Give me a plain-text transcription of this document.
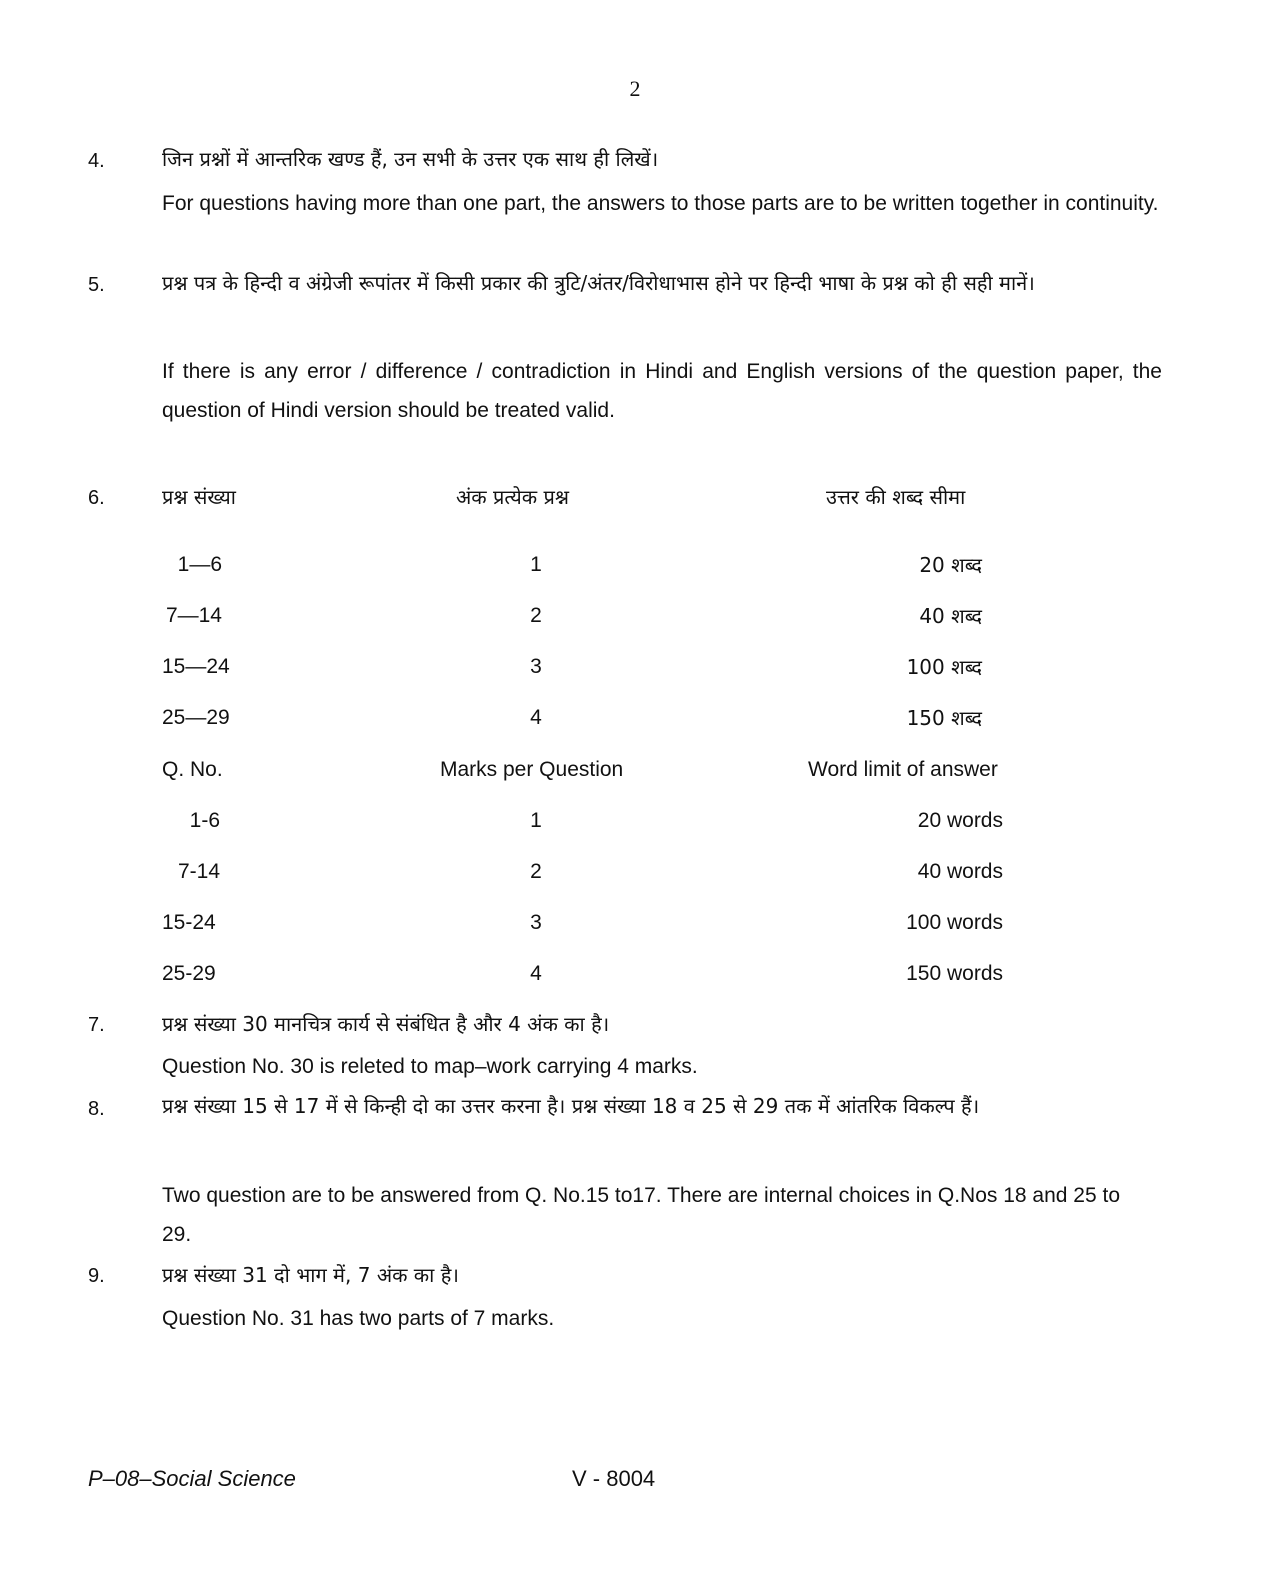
2
4.	जिन प्रश्नों में आन्तरिक खण्ड हैं, उन सभी के उत्तर एक साथ ही लिखें।
For questions having more than one part, the answers to those parts are to be written together in continuity.
5.	प्रश्न पत्र के हिन्दी व अंग्रेजी रूपांतर में किसी प्रकार की त्रुटि/अंतर/विरोधाभास होने पर हिन्दी भाषा के प्रश्न को ही सही मानें।
If there is any error / difference / contradiction in Hindi and English versions of the question paper, the question of Hindi version should be treated valid.
6.	प्रश्न संख्या	अंक प्रत्येक प्रश्न	उत्तर की शब्द सीमा
1—6	1	20 शब्द
7—14	2	40 शब्द
15—24	3	100 शब्द
25—29	4	150 शब्द
Q. No.	Marks per Question	Word limit of answer
1-6	1	20 words
7-14	2	40 words
15-24	3	100 words
25-29	4	150 words
7.	प्रश्न संख्या 30 मानचित्र कार्य से संबंधित है और 4 अंक का है।
Question No. 30 is releted to map–work carrying 4 marks.
8.	प्रश्न संख्या 15 से 17 में से किन्ही दो का उत्तर करना है। प्रश्न संख्या 18 व 25 से 29 तक में आंतरिक विकल्प हैं।
Two question are to be answered from Q. No.15 to17. There are internal choices in Q.Nos 18 and 25 to 29.
9.	प्रश्न संख्या 31 दो भाग में, 7 अंक का है।
Question No. 31 has two parts of 7 marks.
P–08–Social Science	V - 8004
